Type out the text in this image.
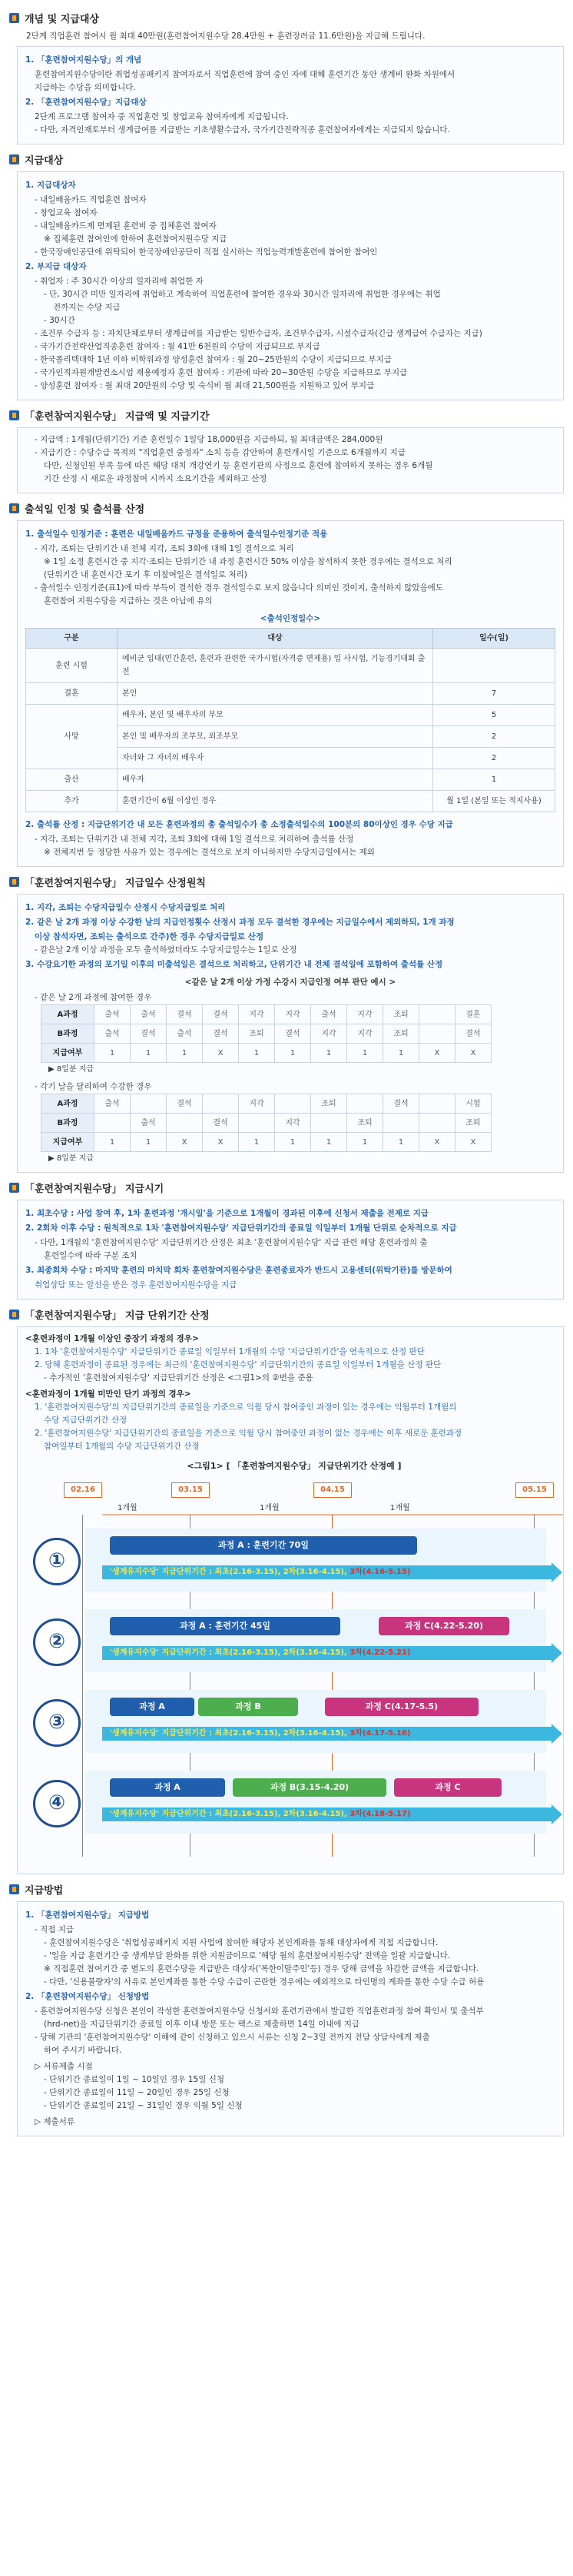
개념 및 지급대상
2단계 직업훈련 참여시 월 최대 40만원(훈련참여지원수당 28.4만원 + 훈련장려금 11.6만원)을 지급해 드립니다.
1. 「훈련참여지원수당」의 개념
훈련참여지원수당이란 취업성공패키지 참여자로서 직업훈련에 참여 중인 자에 대해 훈련기간 동안 생계비 완화 차원에서
지급하는 수당을 의미합니다.
2. 「훈련참여지원수당」지급대상
2단계 프로그램 참여자 중 직업훈련 및 창업교육 참여자에게 지급됩니다.
- 다만, 자격인재토부터 생계급여를 지급받는 기초생활수급자, 국가기간전략직종 훈련참여자에게는 지급되지 않습니다.
지급대상
1. 지급대상자
- 내일배움카드 직업훈련 참여자
- 창업교육 참여자
- 내일배움카드제 면제된 훈련비 중 집체훈련 참여자
※ 집체훈련 참여인에 한하여 훈련참여지원수당 지급
- 한국장애인공단에 위탁되어 한국장애인공단이 직접 실시하는 직업능력개발훈련에 참여한 참여인
2. 부지급 대상자
- 취업자 : 주 30시간 이상의 일자리에 취업한 자
- 단, 30시간 미만 일자리에 취업하고 계속하여 직업훈련에 참여한 경우와 30시간 일자리에 취업한 경우에는 취업
전까지는 수당 지급
- 30시간
- 조건부 수급자 등 : 자치단체로부터 생계급여를 지급받는 일반수급자, 조건부수급자, 시설수급자(긴급 생계급여 수급자는 지급)
- 국가기간전략산업직종훈련 참여자 : 월 41만 6천원의 수당이 지급되므로 부지급
- 한국폴리텍대학 1년 이하 비학위과정 양성훈련 참여자 : 월 20~25만원의 수당이 지급되므로 부지급
- 국가인적자원개발컨소시엄 재용예정자 훈련 참여자 : 기관에 따라 20~30만원 수당을 지급하므로 부지급
- 양성훈련 참여자 : 월 최대 20만원의 수당 및 숙식비 월 최대 21,500원을 지원하고 있어 부지급
「훈련참여지원수당」 지급액 및 지급기간
- 지급액 : 1개월(단위기간) 기준 훈련일수 1일당 18,000원을 지급하되, 월 최대금액은 284,000원
- 지급기간 : 수당수급 목적의 "직업훈련 중정자" 소치 등을 감안하여 훈련개시일 기준으로 6개월까지 지급
다만, 신청인원 부족 등에 따른 해당 대치 개강연기 등 훈련기관의 사정으로 훈련에 참여하지 못하는 경우 6개월
기간 산정 시 새로운 과정참여 시까지 소요기간을 제외하고 산정
출석일 인정 및 출석률 산정
1. 출석일수 인정기준 : 훈련은 내일배움카드 규정을 준용하여 출석일수인정기준 적용
- 지각, 조퇴는 단위기간 내 전체 지각, 조퇴 3회에 대해 1일 결석으로 처리
※ 1일 소정 훈련시간 중 지각·조퇴는 단위기간 내 과정 훈련시간 50% 이상을 참석하지 못한 경우에는 결석으로 처리
(단위기간 내 훈련시간 포기 후 미참여일은 결석일로 처리)
- 출석일수 인정기준(표1)에 따라 부득이 결석한 경우 결석일수로 보지 않읍니다 의미인 것이지, 출석하지 않았음에도
훈련참여 지원수당을 지급하는 것은 아님에 유의
<출석인정일수>
구분	대상	일수(일)
훈련 시험	예비군 입대(민간훈련, 훈련과 관련한 국가시험(자격증 면제용) 입 사시험, 기능경기대회 출전	
결혼	본인	7
사망	배우자, 본인 및 배우자의 부모	5
	본인 및 배우자의 조부모, 외조부모	2
	자녀와 그 자녀의 배우자	2
출산	배우자	1
추가	훈련기간이 6월 이상인 경우	월 1일 (본일 또는 적지사용)
2. 출석률 산정 : 지급단위기간 내 모든 훈련과정의 총 출석일수가 총 소정출석일수의 100분의 80이상인 경우 수당 지급
- 지각, 조퇴는 단위기간 내 전체 지각, 조퇴 3회에 대해 1일 결석으로 처리하여 출석률 산정
※ 전체지번 등 정당한 사유가 있는 경우에는 결석으로 보지 아니하지만 수당지급일에서는 제외
「훈련참여지원수당」 지급일수 산정원칙
1. 지각, 조퇴는 수당지급일수 산정시 수당지급일로 처리
2. 같은 날 2개 과정 이상 수강한 날의 지급인정횟수 산정시 과정 모두 결석한 경우에는 지급일수에서 제외하되, 1개 과정
이상 참석자면, 조퇴는 출석으로 간주)한 경우 수당지급일로 산정
- 같은날 2개 이상 과정을 모두 출석하였더라도 수당지급일수는 1일로 산정
3. 수강요기한 과정의 포기일 이후의 미출석일은 결석으로 처리하고, 단위기간 내 전체 결석일에 포함하여 출석률 산정
<같은 날 2개 이상 가정 수강시 지급인정 여부 판단 예시 >
- 같은 날 2개 과정에 참여한 경우
A과정	출석	출석	결석	결석	지각	지각	출석	지각	조퇴		결혼
B과정	출석	결석	출석	결석	조퇴	결석	지각	지각	조퇴		결석
지급여부	1	1	1	X	1	1	1	1	1	X	X
▶ 8일분 지급
- 각기 날을 달리하여 수강한 경우
A과정	출석		결석		지각		조퇴		결석		시험
B과정		출석		결석		지각		조퇴			조퇴
지급여부	1	1	X	X	1	1	1	1	1	X	X
▶ 8일분 지급
「훈련참여지원수당」 지급시기
1. 최초수당 : 사업 참여 후, 1차 훈련과정 '개시일'을 기준으로 1개월이 경과된 이후에 신청서 제출을 전제로 지급
2. 2회차 이후 수당 : 원칙적으로 1차 '훈련참여지원수당' 지급단위기간의 종료일 익일부터 1개월 단위로 순차적으로 지급
- 다만, 1개월의 '훈련참여지원수당' 지급단위기간 산정은 최초 '훈련참여지원수당' 지급 관련 해당 훈련과정의 출
훈련일수에 따라 구분 조치
3. 최종회차 수당 : 마지막 훈련의 마치막 회차 훈련참여지원수당은 훈련종료자가 반드시 고용센터(위탁기관)를 방문하여
취업상담 또는 알선을 받은 경우 훈련참여지원수당을 지급
「훈련참여지원수당」 지급 단위기간 산정
<훈련과정이 1개월 이상인 중장기 과정의 경우>
1. 1차 '훈련참여지원수당' 지급단위기간 종료일 익일부터 1개월의 수당 '지급단위기간'을 연속적으로 산정 판단
2. 당해 훈련과정이 종료된 경우에는 최근의 '훈련참여지원수당' 지급단위기간의 종료일 익일부터 1개월을 산정 판단
- 추가적인 '훈련참여지원수당' 지급단위기간 산정은 <그림1>의 ②번을 준용
<훈련과정이 1개월 미만인 단기 과정의 경우>
1. '훈련참여지원수당'의 지급단위기간의 종료일을 기준으로 익월 당시 참여중인 과정이 있는 경우에는 익월부터 1개월의
수당 지급단위기간 산정
2. '훈련참여지원수당' 지급단위기간의 종료일을 기준으로 익월 당시 참여중인 과정이 없는 경우에는 이후 새로운 훈련과정
참여일부터 1개월의 수당 지급단위기간 산정
<그림1> [ 「훈련참여지원수당」 지급단위기간 산정예 ]
02.16	03.15	04.15	05.15
1개월	1개월	1개월
①
과정 A : 훈련기간 70일
'생계유지수당' 지급단위기간 : 최초(2.16-3.15), 2차(3.16-4.15), 3차(4.16-5.15)
②
과정 A : 훈련기간 45일	과정 C(4.22-5.20)
'생계유지수당' 지급단위기간 : 최초(2.16-3.15), 2차(3.16-4.15), 3차(4.22-5.21)
③
과정 A	과정 B	과정 C(4.17-5.5)
'생계유지수당' 지급단위기간 : 최초(2.16-3.15), 2차(3.16-4.15), 3차(4.17-5.16)
④
과정 A	과정 B(3.15-4.20)	과정 C
'생계유지수당' 지급단위기간 : 최초(2.16-3.15), 2차(3.16-4.15), 3차(4.18-5.17)
지급방법
1. 「훈련참여지원수당」 지급방법
- 직접 지급
- 훈련참여지원수당은 '취업성공패키지 지원 사업에 참여한 해당자 본인계좌를 통해 대상자에게 직접 지급합니다.
- '일을 지급 훈련기간 중 생계부담 완화를 위한 지원금이므로 '해당 월의 훈련참여지원수당' 전액을 일괄 지급합니다.
※ 직접훈련 참여기간 중 별도의 훈련수당을 지급받은 대상자('폭한이탈주민'등) 경우 당해 금액을 차감한 금액을 지급합니다.
- 다만, '신용불량자'의 사유로 본인계좌를 통한 수당 수급이 곤란한 경우에는 예외적으로 타인명의 계좌를 통한 수당 수급 허용
2. 「훈련참여지원수당」 신청방법
- 훈련참여지원수당 신청은 본인이 작성한 훈련참여지원수당 신청서와 훈련기관에서 발급한 직업훈련과정 참여 확인서 및 출석부
(hrd-net)을 지급단위기간 종료일 이후 이내 방문 또는 팩스로 제출하면 14일 이내에 지급
- 당해 기관의 '훈련참여지원수당' 이해에 같이 신청하고 있으시 서류는 신청 2~3일 전까지 전담 상담사에게 제출
하여 주시기 바랍니다.
▷ 서류제출 시점
- 단위기간 종료일이 1일 ~ 10일인 경우 15일 신청
- 단위기간 종료일이 11일 ~ 20일인 경우 25일 신청
- 단위기간 종료일이 21일 ~ 31일인 경우 익월 5일 신청
▷ 제출서류
